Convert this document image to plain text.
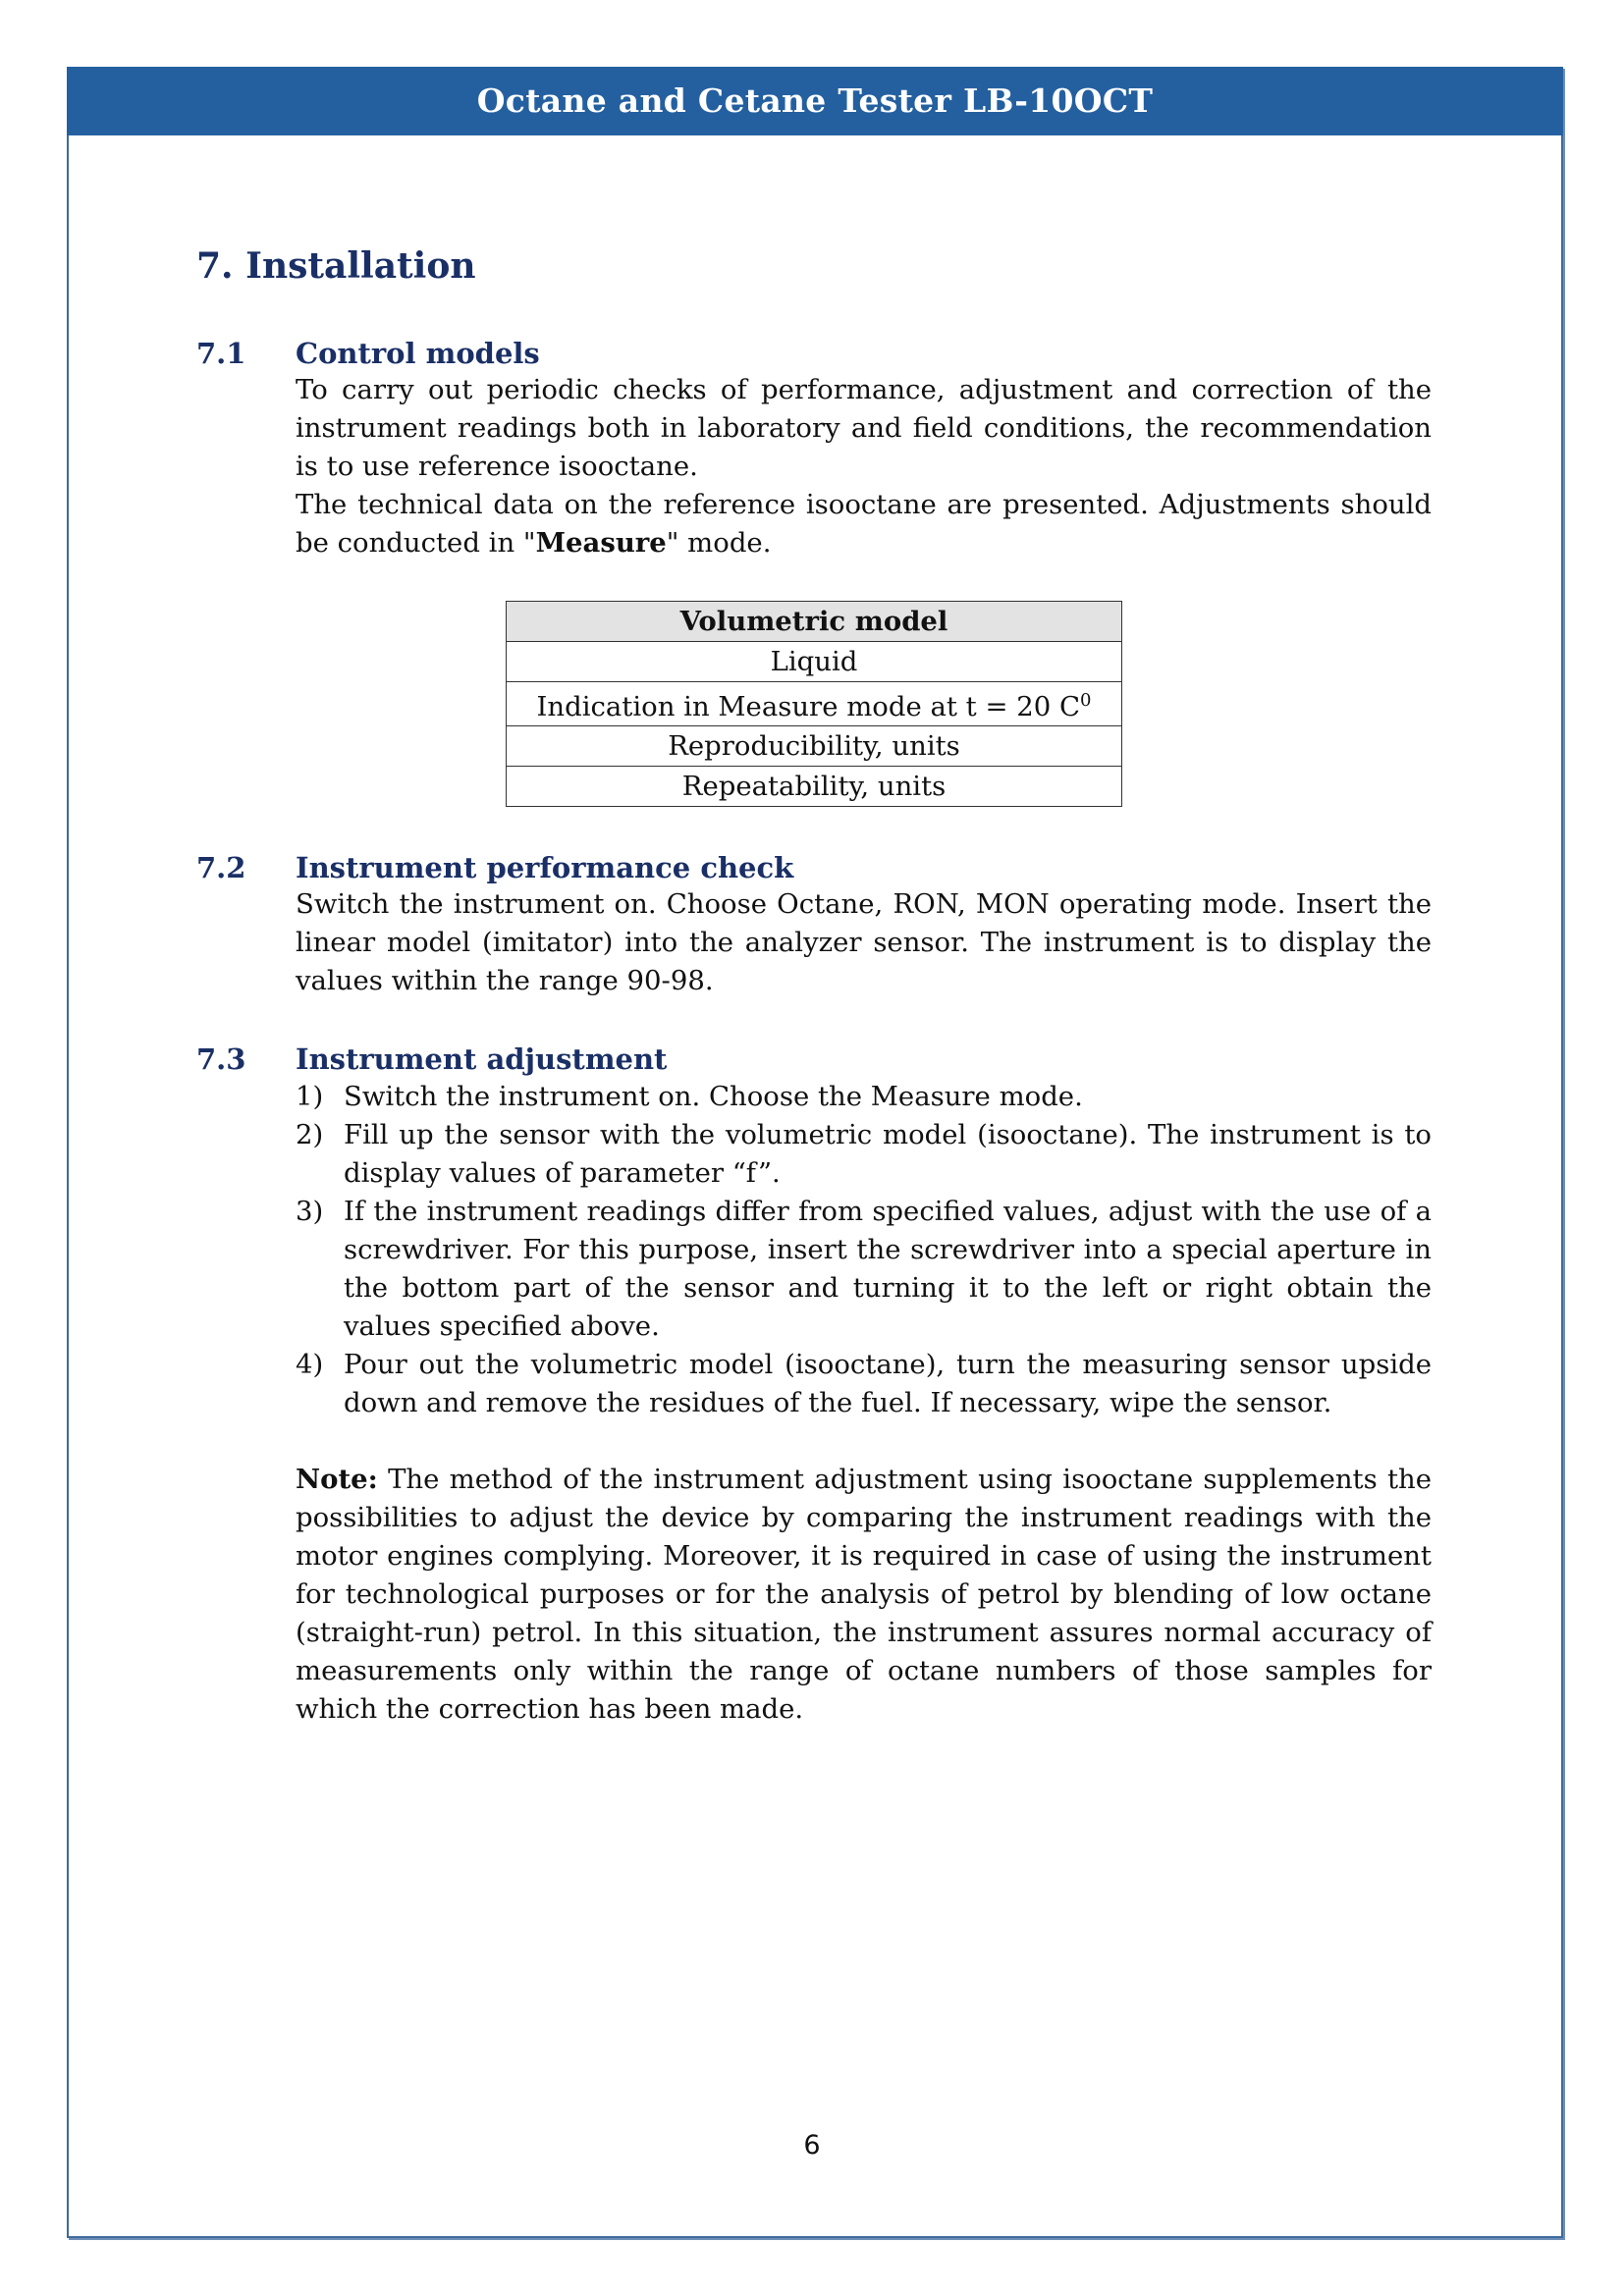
Octane and Cetane Tester LB-10OCT
7. Installation
7.1 Control models

To carry out periodic checks of performance, adjustment and correction of the instrument readings both in laboratory and field conditions, the recommendation is to use reference isooctane.

The technical data on the reference isooctane are presented. Adjustments should be conducted in "Measure" mode.

Volumetric model
Liquid
Indication in Measure mode at t = 20 $C^0$
Reproducibility, units
Repeatability, units
7.2 Instrument performance check

Switch the instrument on. Choose Octane, RON, MON operating mode. Insert the linear model (imitator) into the analyzer sensor. The instrument is to display the values within the range 90-98.

7.3 Instrument adjustment
1) Switch the instrument on. Choose the Measure mode.
2) Fill up the sensor with the volumetric model (isooctane). The instrument is to display values of parameter “f”.
3) If the instrument readings differ from specified values, adjust with the use of a screwdriver. For this purpose, insert the screwdriver into a special aperture in the bottom part of the sensor and turning it to the left or right obtain the values specified above.
4) Pour out the volumetric model (isooctane), turn the measuring sensor upside down and remove the residues of the fuel. If necessary, wipe the sensor.

Note: The method of the instrument adjustment using isooctane supplements the possibilities to adjust the device by comparing the instrument readings with the motor engines complying. Moreover, it is required in case of using the instrument for technological purposes or for the analysis of petrol by blending of low octane (straight-run) petrol. In this situation, the instrument assures normal accuracy of measurements only within the range of octane numbers of those samples for which the correction has been made.

6
